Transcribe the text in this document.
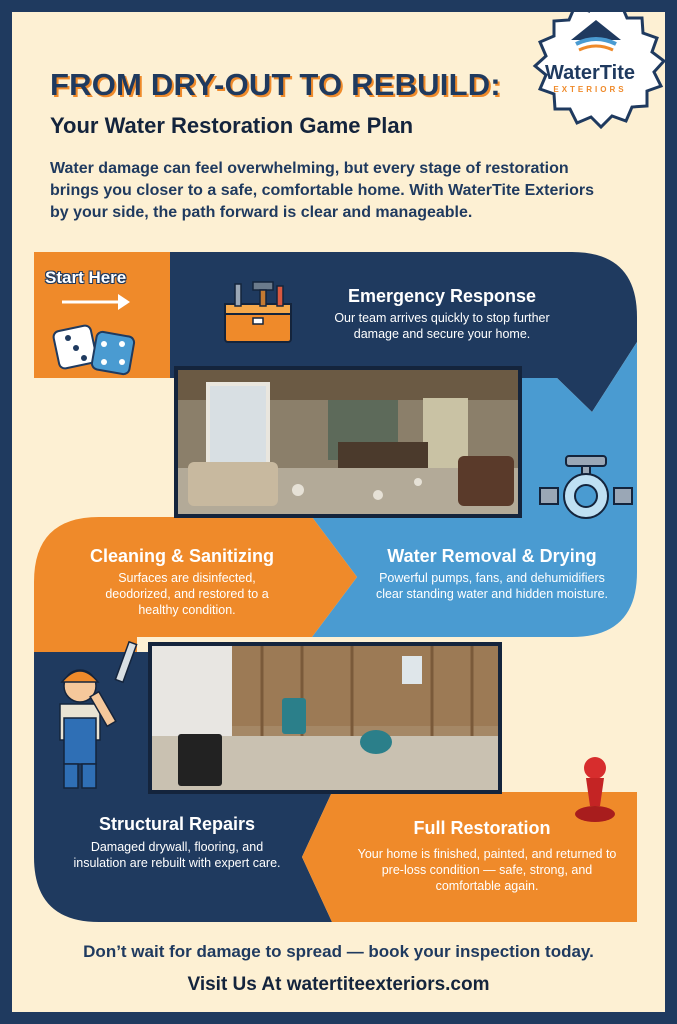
WaterTite
EXTERIORS
FROM DRY-OUT TO REBUILD:
Your Water Restoration Game Plan
Water damage can feel overwhelming, but every stage of restoration brings you closer to a safe, comfortable home. With WaterTite Exteriors by your side, the path forward is clear and manageable.
Start Here
Emergency Response
Our team arrives quickly to stop further damage and secure your home.
Water Removal & Drying
Powerful pumps, fans, and dehumidifiers clear standing water and hidden moisture.
Cleaning & Sanitizing
Surfaces are disinfected, deodorized, and restored to a healthy condition.
Structural Repairs
Damaged drywall, flooring, and insulation are rebuilt with expert care.
Full Restoration
Your home is finished, painted, and returned to pre-loss condition — safe, strong, and comfortable again.
Don’t wait for damage to spread — book your inspection today.
Visit Us At watertiteexteriors.com
